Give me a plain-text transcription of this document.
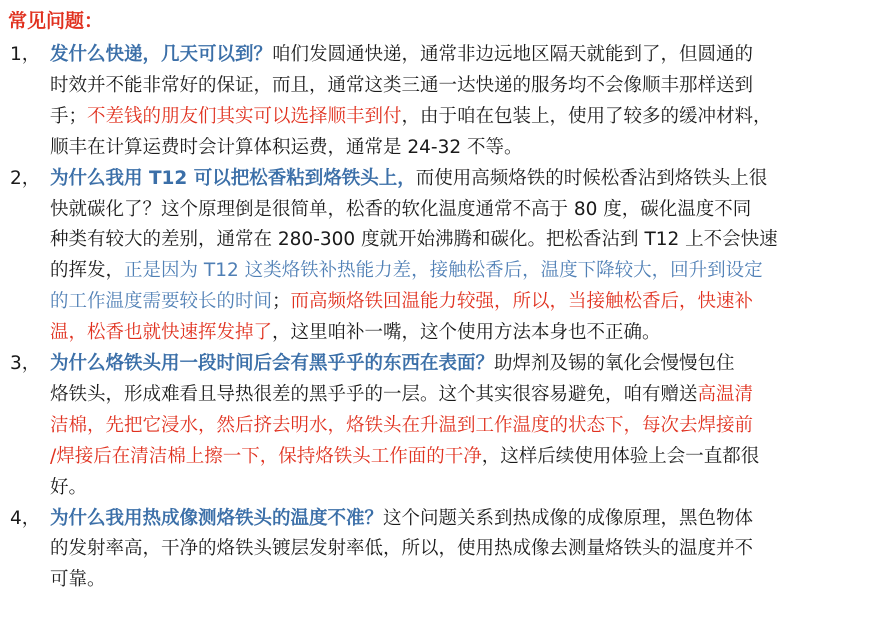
常见问题：
1， 发什么快递，几天可以到？咱们发圆通快递，通常非边远地区隔天就能到了，但圆通的
时效并不能非常好的保证，而且，通常这类三通一达快递的服务均不会像顺丰那样送到
手；不差钱的朋友们其实可以选择顺丰到付，由于咱在包装上，使用了较多的缓冲材料，
顺丰在计算运费时会计算体积运费，通常是 24-32 不等。
2， 为什么我用 T12 可以把松香粘到烙铁头上，而使用高频烙铁的时候松香沾到烙铁头上很
快就碳化了？这个原理倒是很简单，松香的软化温度通常不高于 80 度，碳化温度不同
种类有较大的差别，通常在 280-300 度就开始沸腾和碳化。把松香沾到 T12 上不会快速
的挥发，正是因为 T12 这类烙铁补热能力差，接触松香后，温度下降较大，回升到设定
的工作温度需要较长的时间；而高频烙铁回温能力较强，所以，当接触松香后，快速补
温，松香也就快速挥发掉了，这里咱补一嘴，这个使用方法本身也不正确。
3， 为什么烙铁头用一段时间后会有黑乎乎的东西在表面？助焊剂及锡的氧化会慢慢包住
烙铁头，形成难看且导热很差的黑乎乎的一层。这个其实很容易避免，咱有赠送高温清
洁棉，先把它浸水，然后挤去明水，烙铁头在升温到工作温度的状态下，每次去焊接前
/焊接后在清洁棉上擦一下，保持烙铁头工作面的干净，这样后续使用体验上会一直都很
好。
4， 为什么我用热成像测烙铁头的温度不准？这个问题关系到热成像的成像原理，黑色物体
的发射率高，干净的烙铁头镀层发射率低，所以，使用热成像去测量烙铁头的温度并不
可靠。
